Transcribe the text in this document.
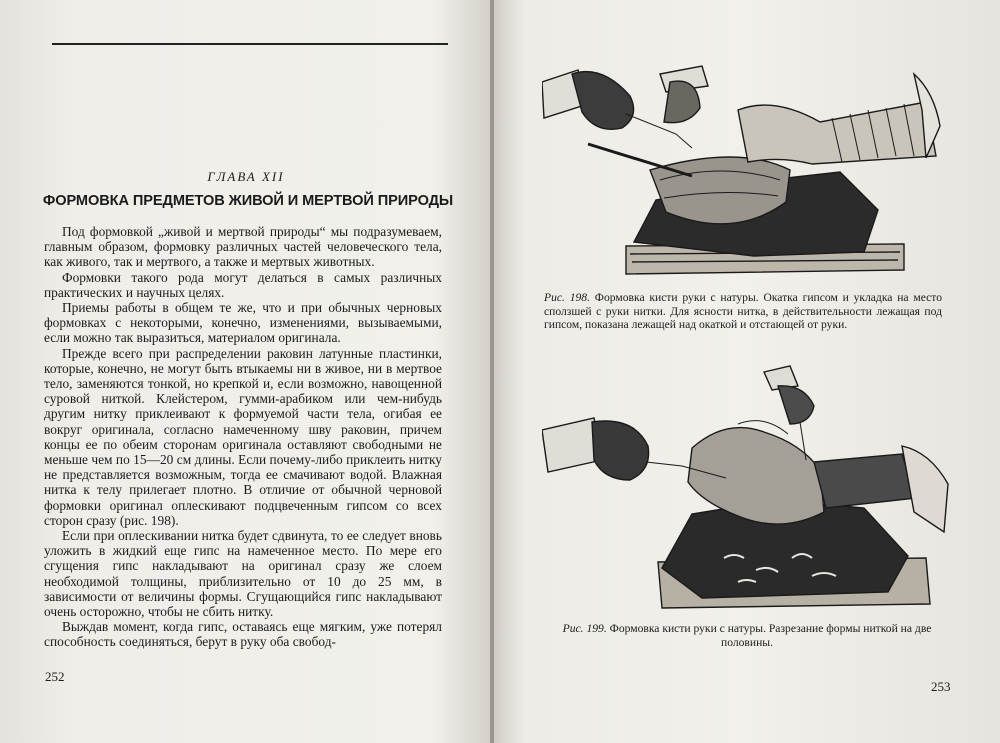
ГЛАВА XII
ФОРМОВКА ПРЕДМЕТОВ ЖИВОЙ И МЕРТВОЙ ПРИРОДЫ

Под формовкой „живой и мертвой природы“ мы подразумеваем, главным образом, формовку различных частей человеческого тела, как живого, так и мертвого, а также и мертвых животных.

Формовки такого рода могут делаться в самых различных практических и научных целях.

Приемы работы в общем те же, что и при обычных черновых формовках с некоторыми, конечно, изменениями, вызываемыми, если можно так выразиться, материалом оригинала.

Прежде всего при распределении раковин латунные пластинки, которые, конечно, не могут быть втыкаемы ни в живое, ни в мертвое тело, заменяются тонкой, но крепкой и, если возможно, навощенной суровой ниткой. Клейстером, гумми-арабиком или чем-нибудь другим нитку приклеивают к формуемой части тела, огибая ее вокруг оригинала, согласно намеченному шву раковин, причем концы ее по обеим сторонам оригинала оставляют свободными не меньше чем по 15—20 см длины. Если почему-либо приклеить нитку не представляется возможным, тогда ее смачивают водой. Влажная нитка к телу прилегает плотно. В отличие от обычной черновой формовки оригинал оплескивают подцвеченным гипсом со всех сторон сразу (рис. 198).

Если при оплескивании нитка будет сдвинута, то ее следует вновь уложить в жидкий еще гипс на намеченное место. По мере его сгущения гипс накладывают на оригинал сразу же слоем необходимой толщины, приблизительно от 10 до 25 мм, в зависимости от величины формы. Сгущающийся гипс накладывают очень осторожно, чтобы не сбить нитку.

Выждав момент, когда гипс, оставаясь еще мягким, уже потерял способность соединяться, берут в руку оба свобод-

252
Рис. 198. Формовка кисти руки с натуры. Окатка гипсом и укладка на место сползшей с руки нитки. Для ясности нитка, в действительности лежащая под гипсом, показана лежащей над окаткой и отстающей от руки.
Рис. 199. Формовка кисти руки с натуры. Разрезание формы ниткой на две половины.
253
